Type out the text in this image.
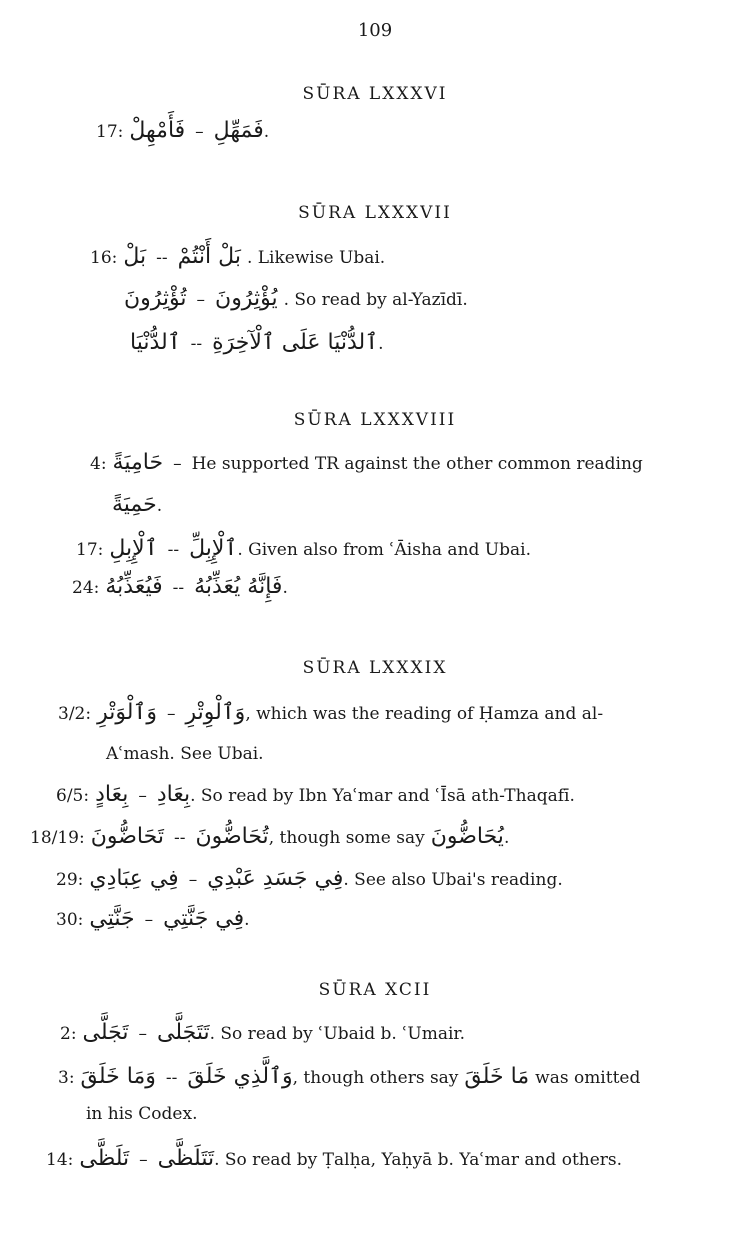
109
SŪRA LXXXVI
17: فَأَمْهِلْ – فَمَهِّلِ .
SŪRA LXXXVII
16: بَلْ -- بَلْ أَنْتُمْ . Likewise Ubai.
تُؤْثِرُونَ – يُؤْثِرُونَ . So read by al-Yazīdī.
ٱلدُّنْيَا -- ٱلدُّنْيَا عَلَى ٱلْآخِرَةِ .
SŪRA LXXXVIII
4: حَامِيَةً – He supported TR against the other common reading
حَمِيَةً .
17: ٱلْإِبِلِ -- ٱلْإِبِلِّ . Given also from ʿĀisha and Ubai.
24: فَيُعَذِّبُهُ -- فَإِنَّهُ يُعَذِّبُهُ .
SŪRA LXXXIX
3/2: وَٱلْوَتْرِ – وَٱلْوِتْرِ , which was the reading of Ḥamza and al-
Aʿmash. See Ubai.
6/5: بِعَادٍ – بِعَادِ . So read by Ibn Yaʿmar and ʿĪsā ath-Thaqafī.
18/19: تَحَاضُّونَ -- تُحَاضُّونَ , though some say يُحَاضُّونَ .
29: فِي عِبَادِي – فِي جَسَدِ عَبْدِي . See also Ubai's reading.
30: جَنَّتِي – فِي جَنَّتِي .
SŪRA XCII
2: تَجَلَّى – تَتَجَلَّى . So read by ʿUbaid b. ʿUmair.
3: وَمَا خَلَقَ -- وَٱلَّذِي خَلَقَ , though others say مَا خَلَقَ was omitted
in his Codex.
14: تَلَظَّى – تَتَلَظَّى . So read by Ṭalḥa, Yaḥyā b. Yaʿmar and others.
